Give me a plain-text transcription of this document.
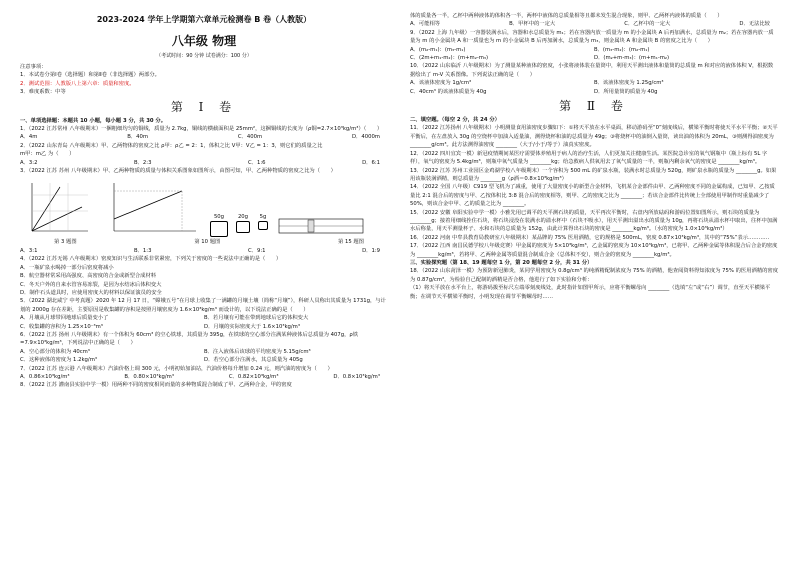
2023-2024 学年上学期第六章单元检测卷 B 卷（人教版）
八年级 物理
（考试时间：90 分钟 试卷满分：100 分）
注意事项：
1．本试卷分第Ⅰ卷（选择题）和第Ⅱ卷（非选择题）两部分。
2．测试范围：人教版八上第六章：质量和密度。
3．难度系数：中等
第 Ⅰ 卷
一、单项选择题：本题共 10 小题，每小题 3 分，共 30 分。
1．（2022 江苏常州 八年级期末）一捆粗细均匀的铜线，质量为 2.7kg，铜线的横截面积是 25mm²，这捆铜线的长度为（ρ铜=2.7×10³kg/m³）（　　）
A．4m	B．40m	C．400m	D．4000m
2．（2022 山东青岛 八年级期末）甲、乙两物体的密度之比 ρ甲：ρ乙 = 2：1，体积之比 V甲：V乙 = 1：3，则它们的质量之比
m甲：m乙 为（　　）
A．3:2	B．2:3	C．1:6	D．6:1
3．（2022 江苏 苏州 八年级期末）甲、乙两种物质的质量与体积关系图象如图所示，由图可知，甲、乙两种物质的密度之比为（　　）
50g	20g	5g
第 3 题图	第 10 题图	第 15 题图
A．3:1	B．1:3	C．9:1	D．1:9
4．（2022 江苏无锡 八年级期末）密度知识与生活联系非常紧密，下列关于密度的一些说法中正确的是（　　）
A．一瓶矿泉水喝掉一部分后密度将减小
B．航空器材常采用高强度、高密度的合金或新型合成材料
C．冬天户外的自来水管容易冻裂，是因为水结冰后体积变大
D．制作石头道具时，应使用密度大的材料以保证演员的安全
5．（2022 湖北咸宁 中考真题）2020 年 12 月 17 日，“嫦娥五号”在月球上收集了一满罐的月壤土壤（简称“月壤”），科研人员称出其质量为 1731g，与计划的 2000g 存在差距，主要原因是收集罐的容积是按照月壤密度为 1.6×10³kg/m³ 而设计的，以下说法正确的是（　　）
A．月壤从月球带回地球后质量变小了	B．若月壤有可能在带到地球后它的体积变大
C．收集罐的容积为 1.25×10⁻³m³	D．月壤的实际密度大于 1.6×10³kg/m³
6．（2022 江苏 扬州 八年级期末）有一个体积为 60cm³ 的空心铁球，其质量为 395g，在铁球的空心部分注满某种液体后总质量为 407g，ρ铁=7.9×10³kg/m³，下列说法中正确的是（　　）
A．空心部分的体积为 40cm³	B．注入液体后该球的平均密度为 5.15g/cm³
C．这种液体的密度为 1.2kg/m³	D．若空心部分注满水，其总质量为 405g
7．（2022 江苏 连云港 八年级期末）汽油价格上调 300 元，小明初始加油站，汽油价格每升增加 0.24 元，则汽油的密度为（　　）
A．0.86×10³kg/m³	B．0.80×10³kg/m³	C．0.82×10³kg/m³	D．0.8×10³kg/m³
8．（2022 江苏 灌南县实验中学一模）用两种不同的密度相同而量的多种物质混合制成了甲、乙两种合金，甲的密度
体的质量各一半，乙杯中两种液体的体积各一半，两杯中液体的总质量相等且都未发生混合现象，则甲、乙两杯内液体的质量（　　）
A．可能相等	B．甲杯中的一定大	C．乙杯中的一定大	D．无法比较
9．（2022 上海 九年级）一容器装满水后，容器和水总质量为 m₁；若在容器内放一质量为 m 的小金属块 A 后再加满水，总质量为 m₂；若在容器内放一质量为 m 的小金属块 A 和一质量也为 m 的小金属块 B 后再加满水，总质量为 m₃，则金属块 A 和金属块 B 的密度之比为（　　）
A．(m₂-m₁)：(m₃-m₁)	B．(m₃-m₂)：(m₂-m₁)
C．(2m+m₁-m₂)：(m+m₂-m₃)	D．(m₂+m-m₃)：(m+m₁-m₂)
10．（2022 山东临沂 八年级期末）为了测量某种液体的密度，小张将液体装在量筒中，利用天平测出液体和量筒的总质量 m 和对应的液体体积 V，根据数据绘出了 m-V 关系图像。下列说法正确的是（　　）
A．该液体密度为 1g/cm³	B．该液体密度为 1.25g/cm³
C．40cm³ 的该液体质量为 40g	D．所用量筒的质量为 40g
第 Ⅱ 卷
二、填空题。（每空 2 分，共 24 分）
11．（2022 江苏扬州 八年级期末）小明测量食用油密度步骤如下：①将天平放在水平桌面，移动游码至“0”刻度线后，横梁平衡时将使天平水平平衡；②天平平衡后，在左盘放入 30g 的空烧杯中加油入适量油，测得烧杯和油的总质量为 49g；③将烧杯中的油倒入量筒，读出油的体积为 20mL，③则测得油密度为 ________g/cm³。此方法测得油密度 ________（大于/小于/等于）油真实密度。
12．（2022 四川宜宾一模）新冠疫情期间某医疗需要体养殖用于病人的治疗生活，人们更加关注健康生活。某医院急诊室的氧气钢瓶中（瓶上标有 5L 字样），氧气的密度为 5.4kg/m³，则瓶中氧气质量为 ________kg；给急救病人供氧用去了氧气质量的一半，则瓶内剩余氧气的密度是 ________kg/m³。
13．（2022 江苏 苏州工业园区金鸡湖学校八年级期末）一个容积为 500 mL 的矿泉水瓶，装满水时总质量为 520g，则矿泉水瓶的质量为 ________g。如果用该瓶装满酒精，则总质量为 ________g（ρ酒＝0.8×10³kg/m³）
14．（2022 全国 八年级）C919 型飞机为了减重，使用了大量密度小的新型合金材料，飞机某合金部件由甲、乙两种密度不同的金属构成，已知甲、乙按质量比 2:1 混合后的密度与甲、乙按体积比 3:8 混合后的密度相等，则甲、乙的密度之比为 ________；若该合金部件比传统上全部使用甲制作时重量减少了 50%，则该合金中甲、乙的质量之比为 ________。
15．（2022 安徽 阜阳实验中学一模）小雅先用已调平的天平测石块的质量，天平再次平衡时，右盘内所放砝码和游码位置如图所示，则石块的质量为 ________g；接着用细线拴住石块，将石块浸没在装满水的溢水杯中（石块不吸水），用天平测出溢出水的质量为 10g，再将石块从溢水杯中取出，往杯中加满水后称量，用天平测量杯子、水和石块的总质量为 152g，由此计算得出石块的密度是 ________kg/m³。（水的密度为 1.0×10³kg/m³）
16．（2022 河南 中牟县教育局教研室八年级期末）某品牌的 75% 医用酒精，它的规格是 500mL，密度 0.87×10³kg/m³，其中的“75%”表示…………
17．（2022 江西 南昌民德学校八年级竞赛）甲金属的密度为 5×10³kg/m³，乙金属的密度为 10×10³kg/m³，已将甲、乙两种金属等体积混合后合金的密度为 ________kg/m³，若将甲、乙两种金属等质量混合制成合金（总体积不变），则合金的密度为 ________kg/m³。
三、实验探究题（第 18、19 题每空 1 分，第 20 题每空 2 分，共 31 分）
18．（2022 山东菏泽一模）为预防新冠肺炎，某同学用密度为 0.8g/cm³ 的纯酒精配制浓度为 75% 的酒精，他查阅资料得知浓度为 75% 的医用酒精的密度为 0.87g/cm³，为检验自己配制的酒精是否合格，他进行了如下实验和分析：
（1）将天平放在水平台上，将游码拨至标尺左端零刻度线处，此时指针如图甲所示，应将平衡螺母向 ________（选填“左”或“右”）调节，直至天平横梁平衡；在调节天平横梁平衡时，小明发现在调节平衡螺母时……
